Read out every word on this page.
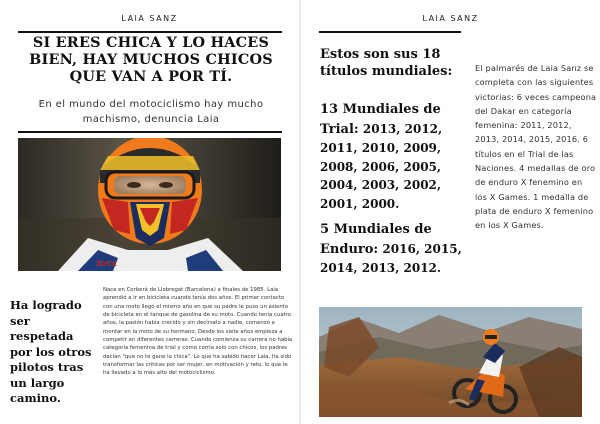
LAIA SANZ
SI ERES CHICA Y LO HACES BIEN, HAY MUCHOS CHICOS QUE VAN A POR TÍ.
En el mundo del motociclismo hay mucho machismo, denuncia Laia
ZUCC
Ha logrado ser respetada por los otros pilotos tras un largo camino.
Nace en Corberà de Llobregat (Barcelona) a finales de 1985. Laia aprendió a ir en bicicleta cuando tenía dos años. El primer contacto con una moto llegó el mismo año en que su padre le puso un asiento de bicicleta en el tanque de gasolina de su moto. Cuando tenía cuatro años, la pasión había crecido y sin decírselo a nadie, comenzó a montar en la moto de su hermano. Desde los siete años empieza a competir en diferentes carreras. Cuando comienza su carrera no había categoría femenina de trial y como corría solo con chicos, los padres decían "que no te gane la chica". Lo que ha sabido hacer Laia, ha sido transformar las críticas por ser mujer, en motivación y reto, lo que le ha llevado a lo más alto del motociclismo.
LAIA SANZ
Estos son sus 18 títulos mundiales:
13 Mundiales de Trial: 2013, 2012, 2011, 2010, 2009, 2008, 2006, 2005, 2004, 2003, 2002, 2001, 2000.
5 Mundiales de Enduro: 2016, 2015, 2014, 2013, 2012.
El palmarés de Laia Sanz se completa con las siguientes victorias: 6 veces campeona del Dakar en categoría femenina: 2011, 2012, 2013, 2014, 2015, 2016. 6 títulos en el Trial de las Naciones. 4 medallas de oro de enduro X fenemino en los X Games. 1 medalla de plata de enduro X femenino en los X Games.
